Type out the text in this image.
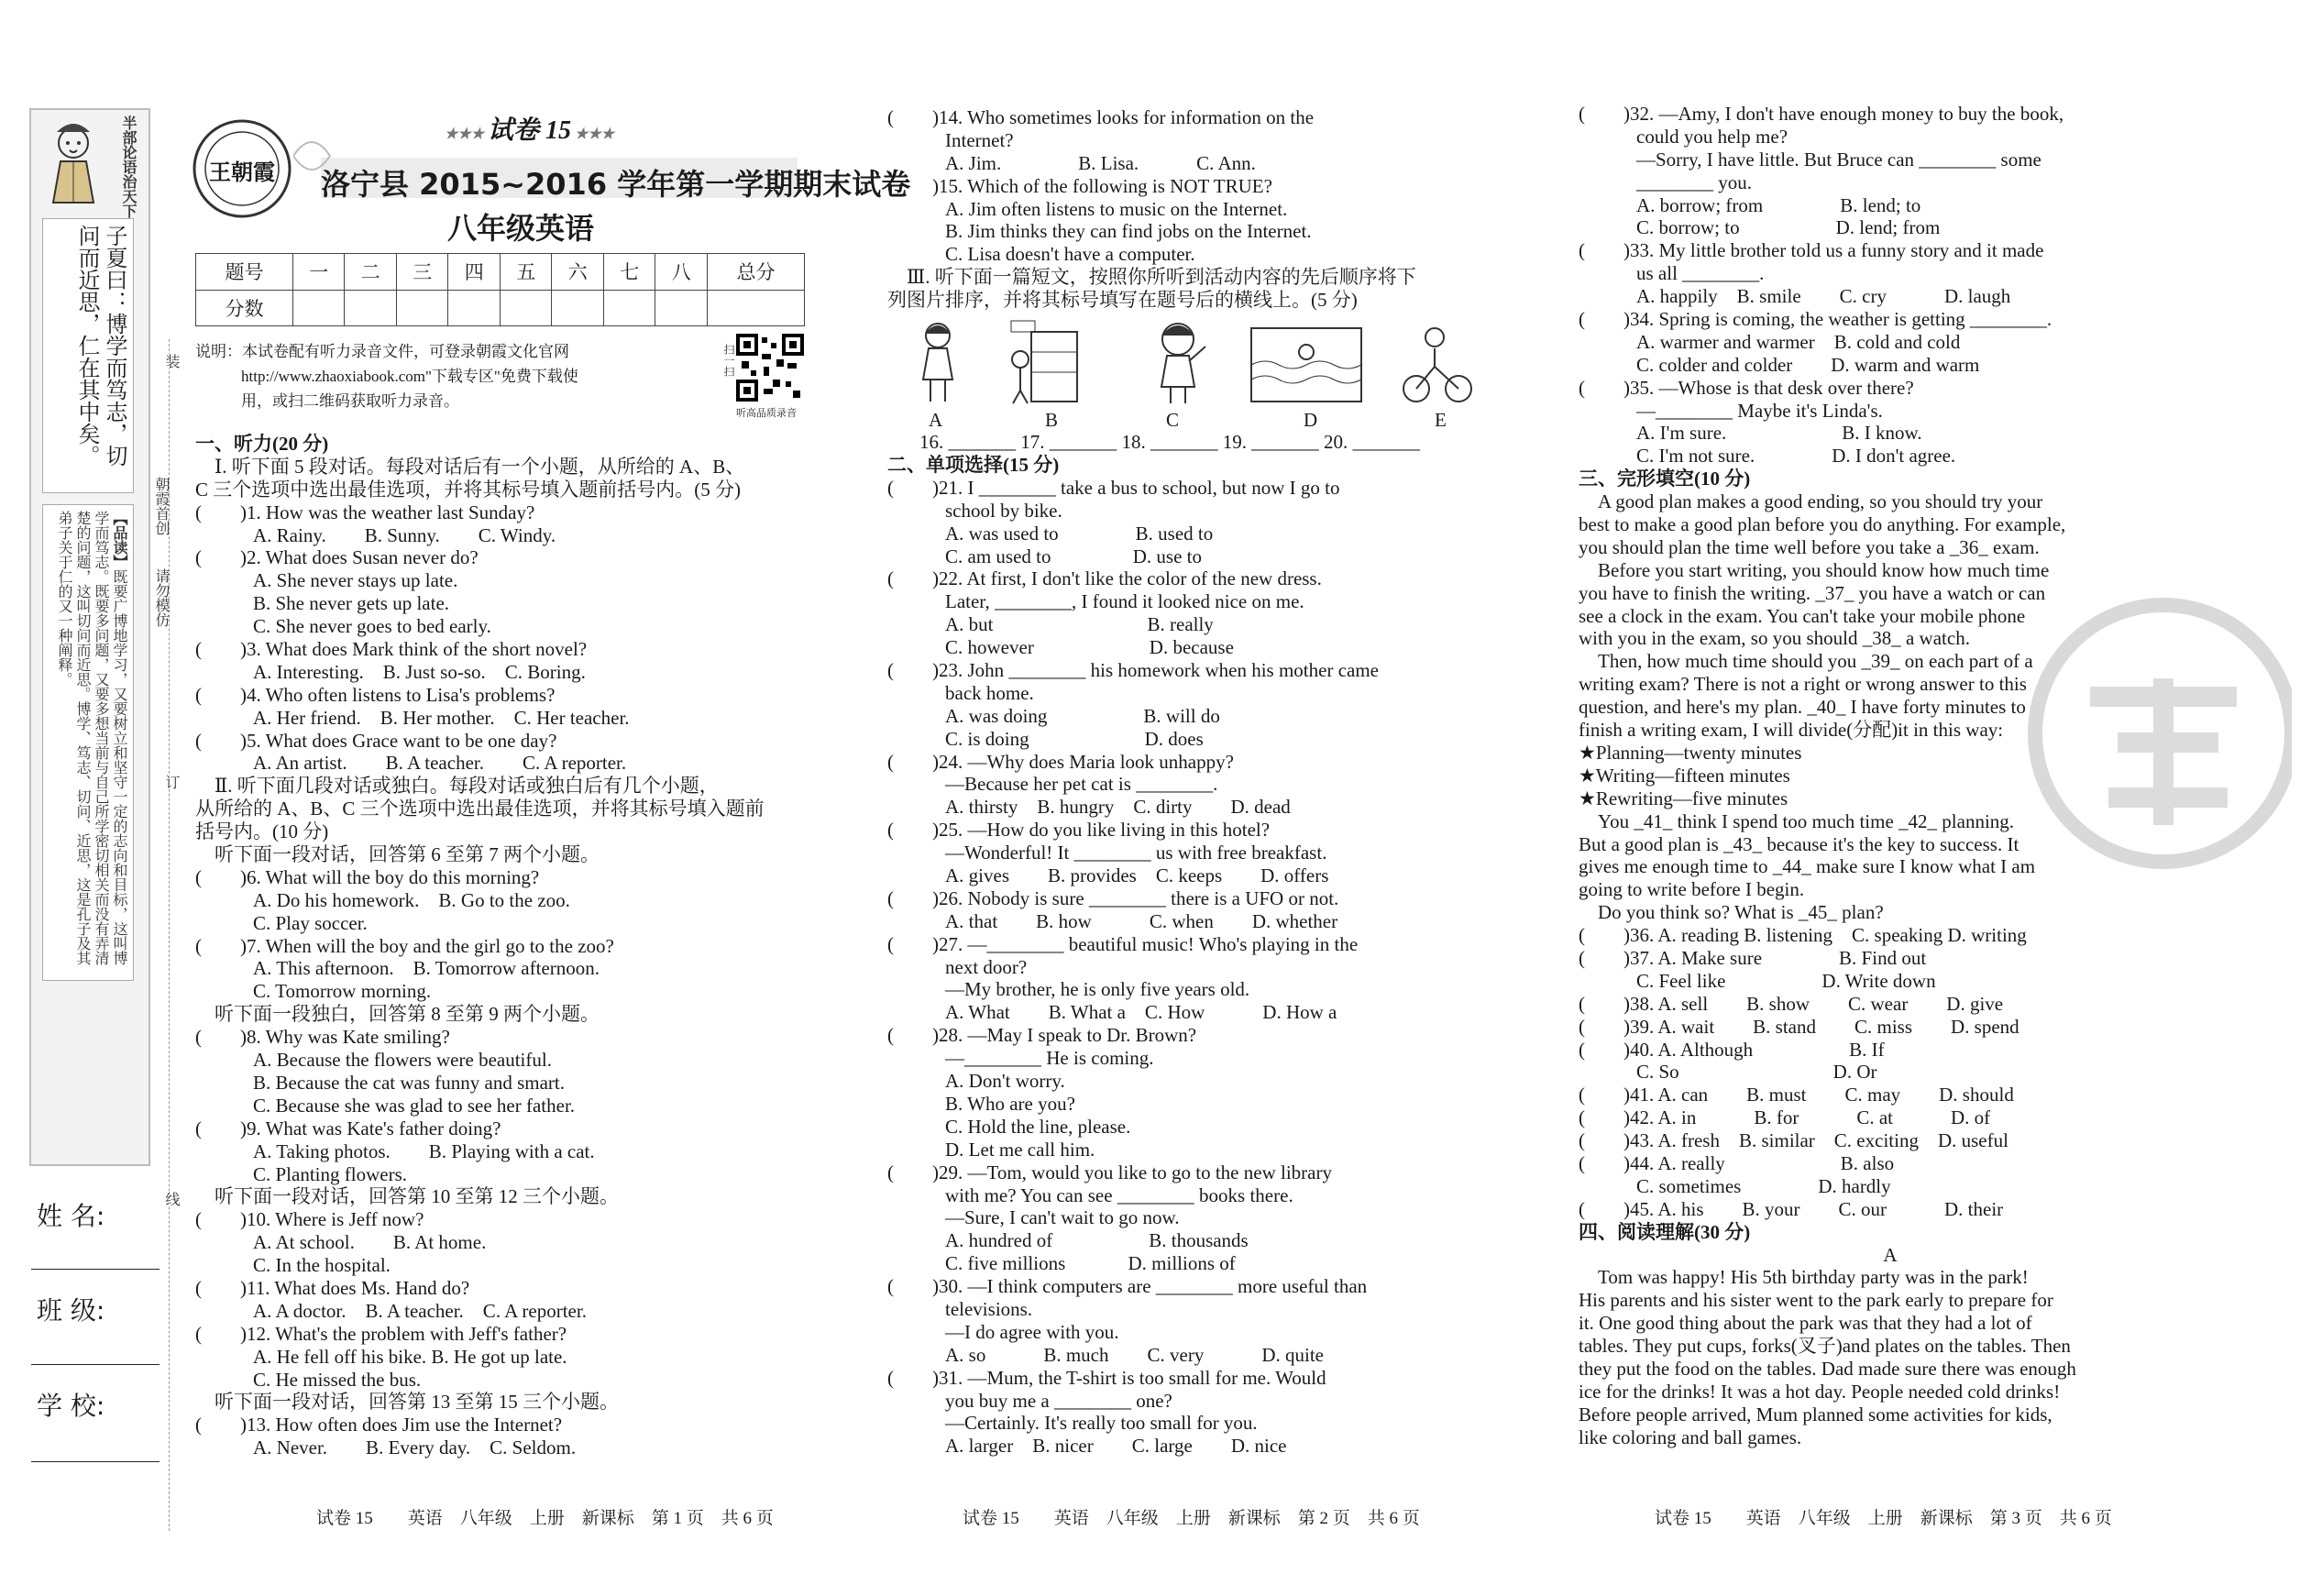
半部论语治天下
子夏曰：博学而笃志，切问而近思，仁在其中矣。
【品读】既要广博地学习，又要树立和坚守一定的志向和目标，这叫博学而笃志。既要多问题，又要多想当前与自己所学密切相关而没有弄清楚的问题，这叫切问而近思。博学、笃志、切问、近思，这是孔子及其弟子关于仁的又一种阐释。
姓 名:
班 级:
学 校:
朝霞首创
请勿模仿
装
订
线
王朝霞
★★★ 试卷 15 ★★★
洛宁县 2015~2016 学年第一学期期末试卷
八年级英语
题号	一	二	三	四	五	六	七	八	总分
分数									
说明：本试卷配有听力录音文件，可登录朝霞文化官网
http://www.zhaoxiabook.com"下载专区"免费下载使
用，或扫二维码获取听力录音。
扫一扫
听高品质录音
一、听力(20 分)
　Ⅰ. 听下面 5 段对话。每段对话后有一个小题，从所给的 A、B、
C 三个选项中选出最佳选项，并将其标号填入题前括号内。(5 分)
(　　)1. How was the weather last Sunday?
　　　A. Rainy.　　B. Sunny.　　C. Windy.
(　　)2. What does Susan never do?
　　　A. She never stays up late.
　　　B. She never gets up late.
　　　C. She never goes to bed early.
(　　)3. What does Mark think of the short novel?
　　　A. Interesting.　B. Just so-so.　C. Boring.
(　　)4. Who often listens to Lisa's problems?
　　　A. Her friend.　B. Her mother.　C. Her teacher.
(　　)5. What does Grace want to be one day?
　　　A. An artist.　　B. A teacher.　　C. A reporter.
　Ⅱ. 听下面几段对话或独白。每段对话或独白后有几个小题，
从所给的 A、B、C 三个选项中选出最佳选项，并将其标号填入题前
括号内。(10 分)
　听下面一段对话，回答第 6 至第 7 两个小题。
(　　)6. What will the boy do this morning?
　　　A. Do his homework.　B. Go to the zoo.
　　　C. Play soccer.
(　　)7. When will the boy and the girl go to the zoo?
　　　A. This afternoon.　B. Tomorrow afternoon.
　　　C. Tomorrow morning.
　听下面一段独白，回答第 8 至第 9 两个小题。
(　　)8. Why was Kate smiling?
　　　A. Because the flowers were beautiful.
　　　B. Because the cat was funny and smart.
　　　C. Because she was glad to see her father.
(　　)9. What was Kate's father doing?
　　　A. Taking photos.　　B. Playing with a cat.
　　　C. Planting flowers.
　听下面一段对话，回答第 10 至第 12 三个小题。
(　　)10. Where is Jeff now?
　　　A. At school.　　B. At home.
　　　C. In the hospital.
(　　)11. What does Ms. Hand do?
　　　A. A doctor.　B. A teacher.　C. A reporter.
(　　)12. What's the problem with Jeff's father?
　　　A. He fell off his bike. B. He got up late.
　　　C. He missed the bus.
　听下面一段对话，回答第 13 至第 15 三个小题。
(　　)13. How often does Jim use the Internet?
　　　A. Never.　　B. Every day.　C. Seldom.
(　　)14. Who sometimes looks for information on the
　　　Internet?
　　　A. Jim.　　　　B. Lisa.　　　C. Ann.
(　　)15. Which of the following is NOT TRUE?
　　　A. Jim often listens to music on the Internet.
　　　B. Jim thinks they can find jobs on the Internet.
　　　C. Lisa doesn't have a computer.
　Ⅲ. 听下面一篇短文，按照你所听到活动内容的先后顺序将下
列图片排序，并将其标号填写在题号后的横线上。(5 分)
A	B	C	D	E
16. _______ 17. _______ 18. _______ 19. _______ 20. _______
二、单项选择(15 分)
(　　)21. I ________ take a bus to school, but now I go to
　　　school by bike.
　　　A. was used to　　　　B. used to
　　　C. am used to　　　　 D. use to
(　　)22. At first, I don't like the color of the new dress.
　　　Later, ________, I found it looked nice on me.
　　　A. but　　　　　　　　B. really
　　　C. however　　　　　　D. because
(　　)23. John ________ his homework when his mother came
　　　back home.
　　　A. was doing　　　　　B. will do
　　　C. is doing　　　　　　D. does
(　　)24. —Why does Maria look unhappy?
　　　—Because her pet cat is ________.
　　　A. thirsty　B. hungry　C. dirty　　D. dead
(　　)25. —How do you like living in this hotel?
　　　—Wonderful! It ________ us with free breakfast.
　　　A. gives　　B. provides　C. keeps　　D. offers
(　　)26. Nobody is sure ________ there is a UFO or not.
　　　A. that　　B. how　　　C. when　　D. whether
(　　)27. —________ beautiful music! Who's playing in the
　　　next door?
　　　—My brother, he is only five years old.
　　　A. What　　B. What a　C. How　　　D. How a
(　　)28. —May I speak to Dr. Brown?
　　　—________ He is coming.
　　　A. Don't worry.
　　　B. Who are you?
　　　C. Hold the line, please.
　　　D. Let me call him.
(　　)29. —Tom, would you like to go to the new library
　　　with me? You can see ________ books there.
　　　—Sure, I can't wait to go now.
　　　A. hundred of　　　　　B. thousands
　　　C. five millions　　　 D. millions of
(　　)30. —I think computers are ________ more useful than
　　　televisions.
　　　—I do agree with you.
　　　A. so　　　B. much　　C. very　　　D. quite
(　　)31. —Mum, the T-shirt is too small for me. Would
　　　you buy me a ________ one?
　　　—Certainly. It's really too small for you.
　　　A. larger　B. nicer　　C. large　　D. nice
(　　)32. —Amy, I don't have enough money to buy the book,
　　　could you help me?
　　　—Sorry, I have little. But Bruce can ________ some
　　　________ you.
　　　A. borrow; from　　　　B. lend; to
　　　C. borrow; to　　　　　D. lend; from
(　　)33. My little brother told us a funny story and it made
　　　us all ________.
　　　A. happily　B. smile　　C. cry　　　D. laugh
(　　)34. Spring is coming, the weather is getting ________.
　　　A. warmer and warmer　B. cold and cold
　　　C. colder and colder　　D. warm and warm
(　　)35. —Whose is that desk over there?
　　　—________ Maybe it's Linda's.
　　　A. I'm sure.　　　　　　B. I know.
　　　C. I'm not sure.　　　　D. I don't agree.
三、完形填空(10 分)
　A good plan makes a good ending, so you should try your
best to make a good plan before you do anything. For example,
you should plan the time well before you take a _36_ exam.
　Before you start writing, you should know how much time
you have to finish the writing. _37_ you have a watch or can
see a clock in the exam. You can't take your mobile phone
with you in the exam, so you should _38_ a watch.
　Then, how much time should you _39_ on each part of a
writing exam? There is not a right or wrong answer to this
question, and here's my plan. _40_ I have forty minutes to
finish a writing exam, I will divide(分配)it in this way:
★Planning—twenty minutes
★Writing—fifteen minutes
★Rewriting—five minutes
　You _41_ think I spend too much time _42_ planning.
But a good plan is _43_ because it's the key to success. It
gives me enough time to _44_ make sure I know what I am
going to write before I begin.
　Do you think so? What is _45_ plan?
(　　)36. A. reading B. listening　C. speaking D. writing
(　　)37. A. Make sure　　　　B. Find out
　　　C. Feel like　　　　　D. Write down
(　　)38. A. sell　　B. show　　C. wear　　D. give
(　　)39. A. wait　　B. stand　　C. miss　　D. spend
(　　)40. A. Although　　　　　B. If
　　　C. So　　　　　　　　D. Or
(　　)41. A. can　　B. must　　C. may　　D. should
(　　)42. A. in　　　B. for　　　C. at　　　D. of
(　　)43. A. fresh　B. similar　C. exciting　D. useful
(　　)44. A. really　　　　　　B. also
　　　C. sometimes　　　　D. hardly
(　　)45. A. his　　B. your　　C. our　　　D. their
四、阅读理解(30 分)
A
　Tom was happy! His 5th birthday party was in the park!
His parents and his sister went to the park early to prepare for
it. One good thing about the park was that they had a lot of
tables. They put cups, forks(叉子)and plates on the tables. Then
they put the food on the tables. Dad made sure there was enough
ice for the drinks! It was a hot day. People needed cold drinks!
Before people arrived, Mum planned some activities for kids,
like coloring and ball games.
试卷 15　　英语　八年级　上册　新课标　第 1 页　共 6 页	试卷 15　　英语　八年级　上册　新课标　第 2 页　共 6 页	试卷 15　　英语　八年级　上册　新课标　第 3 页　共 6 页
